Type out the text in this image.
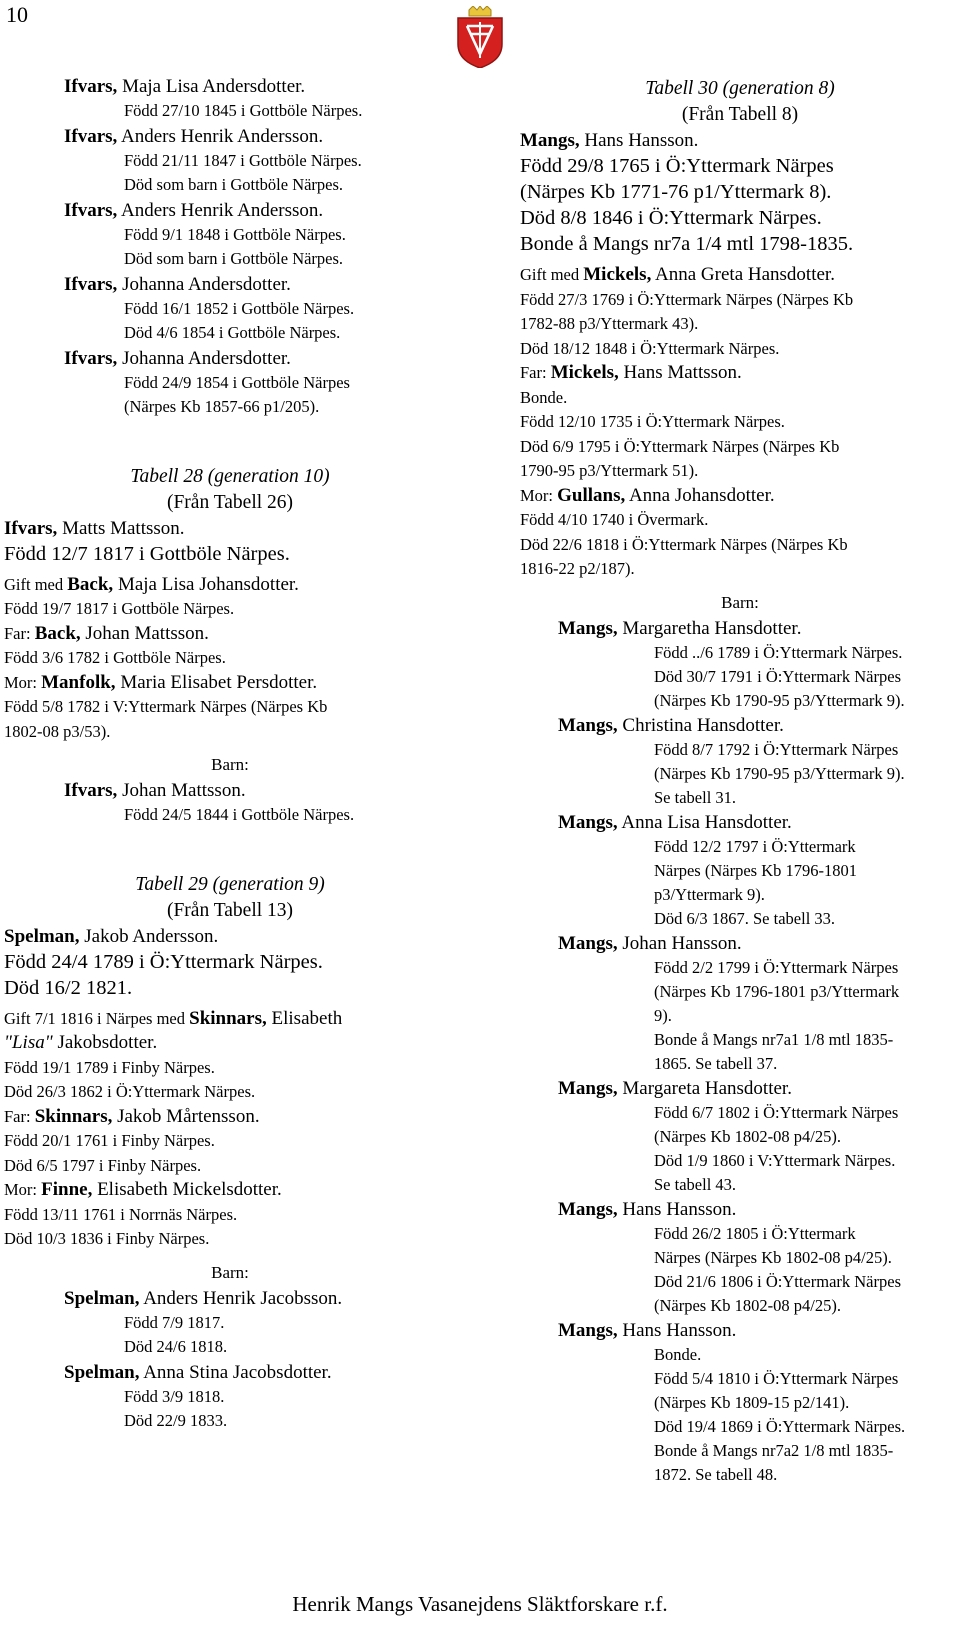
10
Ifvars, Maja Lisa Andersdotter.
Född 27/10 1845 i Gottböle Närpes.
Ifvars, Anders Henrik Andersson.
Född 21/11 1847 i Gottböle Närpes.
Död som barn i Gottböle Närpes.
Ifvars, Anders Henrik Andersson.
Född 9/1 1848 i Gottböle Närpes.
Död som barn i Gottböle Närpes.
Ifvars, Johanna Andersdotter.
Född 16/1 1852 i Gottböle Närpes.
Död 4/6 1854 i Gottböle Närpes.
Ifvars, Johanna Andersdotter.
Född 24/9 1854 i Gottböle Närpes
(Närpes Kb 1857-66 p1/205).
Tabell 28 (generation 10)
(Från Tabell 26)
Ifvars, Matts Mattsson.
Född 12/7 1817 i Gottböle Närpes.
Gift med Back, Maja Lisa Johansdotter.
Född 19/7 1817 i Gottböle Närpes.
Far: Back, Johan Mattsson.
Född 3/6 1782 i Gottböle Närpes.
Mor: Manfolk, Maria Elisabet Persdotter.
Född 5/8 1782 i V:Yttermark Närpes (Närpes Kb
1802-08 p3/53).
Barn:
Ifvars, Johan Mattsson.
Född 24/5 1844 i Gottböle Närpes.
Tabell 29 (generation 9)
(Från Tabell 13)
Spelman, Jakob Andersson.
Född 24/4 1789 i Ö:Yttermark Närpes.
Död 16/2 1821.
Gift 7/1 1816 i Närpes med Skinnars, Elisabeth
"Lisa" Jakobsdotter.
Född 19/1 1789 i Finby Närpes.
Död 26/3 1862 i Ö:Yttermark Närpes.
Far: Skinnars, Jakob Mårtensson.
Född 20/1 1761 i Finby Närpes.
Död 6/5 1797 i Finby Närpes.
Mor: Finne, Elisabeth Mickelsdotter.
Född 13/11 1761 i Norrnäs Närpes.
Död 10/3 1836 i Finby Närpes.
Barn:
Spelman, Anders Henrik Jacobsson.
Född 7/9 1817.
Död 24/6 1818.
Spelman, Anna Stina Jacobsdotter.
Född 3/9 1818.
Död 22/9 1833.
Tabell 30 (generation 8)
(Från Tabell 8)
Mangs, Hans Hansson.
Född 29/8 1765 i Ö:Yttermark Närpes
(Närpes Kb 1771-76 p1/Yttermark 8).
Död 8/8 1846 i Ö:Yttermark Närpes.
Bonde å Mangs nr7a 1/4 mtl 1798-1835.
Gift med Mickels, Anna Greta Hansdotter.
Född 27/3 1769 i Ö:Yttermark Närpes (Närpes Kb
1782-88 p3/Yttermark 43).
Död 18/12 1848 i Ö:Yttermark Närpes.
Far: Mickels, Hans Mattsson.
Bonde.
Född 12/10 1735 i Ö:Yttermark Närpes.
Död 6/9 1795 i Ö:Yttermark Närpes (Närpes Kb
1790-95 p3/Yttermark 51).
Mor: Gullans, Anna Johansdotter.
Född 4/10 1740 i Övermark.
Död 22/6 1818 i Ö:Yttermark Närpes (Närpes Kb
1816-22 p2/187).
Barn:
Mangs, Margaretha Hansdotter.
Född ../6 1789 i Ö:Yttermark Närpes.
Död 30/7 1791 i Ö:Yttermark Närpes
(Närpes Kb 1790-95 p3/Yttermark 9).
Mangs, Christina Hansdotter.
Född 8/7 1792 i Ö:Yttermark Närpes
(Närpes Kb 1790-95 p3/Yttermark 9).
Se tabell 31.
Mangs, Anna Lisa Hansdotter.
Född 12/2 1797 i Ö:Yttermark
Närpes (Närpes Kb 1796-1801
p3/Yttermark 9).
Död 6/3 1867. Se tabell 33.
Mangs, Johan Hansson.
Född 2/2 1799 i Ö:Yttermark Närpes
(Närpes Kb 1796-1801 p3/Yttermark
9).
Bonde å Mangs nr7a1 1/8 mtl 1835-
1865. Se tabell 37.
Mangs, Margareta Hansdotter.
Född 6/7 1802 i Ö:Yttermark Närpes
(Närpes Kb 1802-08 p4/25).
Död 1/9 1860 i V:Yttermark Närpes.
Se tabell 43.
Mangs, Hans Hansson.
Född 26/2 1805 i Ö:Yttermark
Närpes (Närpes Kb 1802-08 p4/25).
Död 21/6 1806 i Ö:Yttermark Närpes
(Närpes Kb 1802-08 p4/25).
Mangs, Hans Hansson.
Bonde.
Född 5/4 1810 i Ö:Yttermark Närpes
(Närpes Kb 1809-15 p2/141).
Död 19/4 1869 i Ö:Yttermark Närpes.
Bonde å Mangs nr7a2 1/8 mtl 1835-
1872. Se tabell 48.
Henrik Mangs Vasanejdens Släktforskare r.f.
